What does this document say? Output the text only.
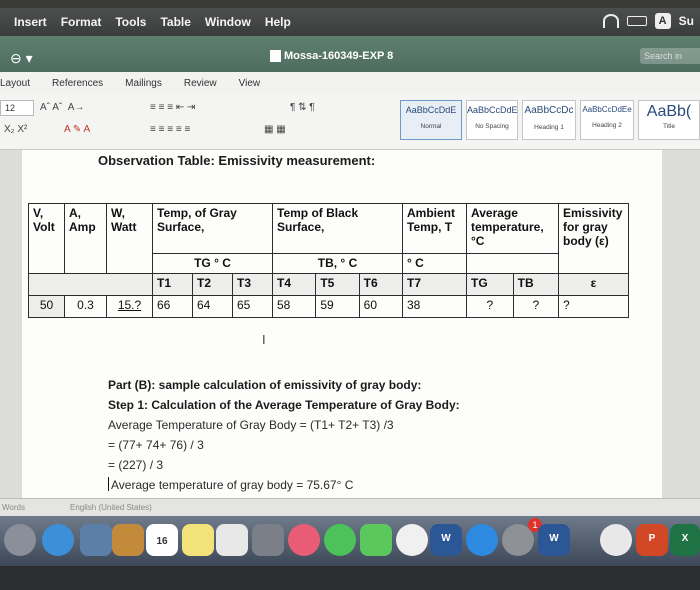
Insert Format Tools Table Window Help	A	Su
⊖ ▾	Mossa-160349-EXP 8	Search in
Layout References Mailings Review View
12 Aˆ Aˇ  A→
X₂ X²	A ✎ A
≡ ≡ ≡ ⇤ ⇥
≡ ≡ ≡ ≡ ≡
¶ ⇅ ¶
▦ ▦
AaBbCcDdE
Normal
AaBbCcDdE
No Spacing
AaBbCcDc
Heading 1
AaBbCcDdEe
Heading 2
AaBb(
Title
Observation Table: Emissivity measurement:
V,
Volt	A,
Amp	W,
Watt	Temp, of Gray Surface,			Temp of Black Surface,			Ambient Temp, T	Average temperature, °C		Emissivity for gray body (ε)
			TG ° C			TB, ° C			° C			
			T1	T2	T3	T4	T5	T6	T7	TG	TB	ε
50	0.3	15.?	66	64	65	58	59	60	38	?	?	?
I
Part (B): sample calculation of emissivity of gray body:
Step 1: Calculation of the Average Temperature of Gray Body:
Average Temperature of Gray Body = (T1+ T2+ T3) /3
= (77+ 74+ 76) / 3
= (227) / 3
Average temperature of gray body = 75.67° C
Words	English (United States)
16	W
1
W	P	X
